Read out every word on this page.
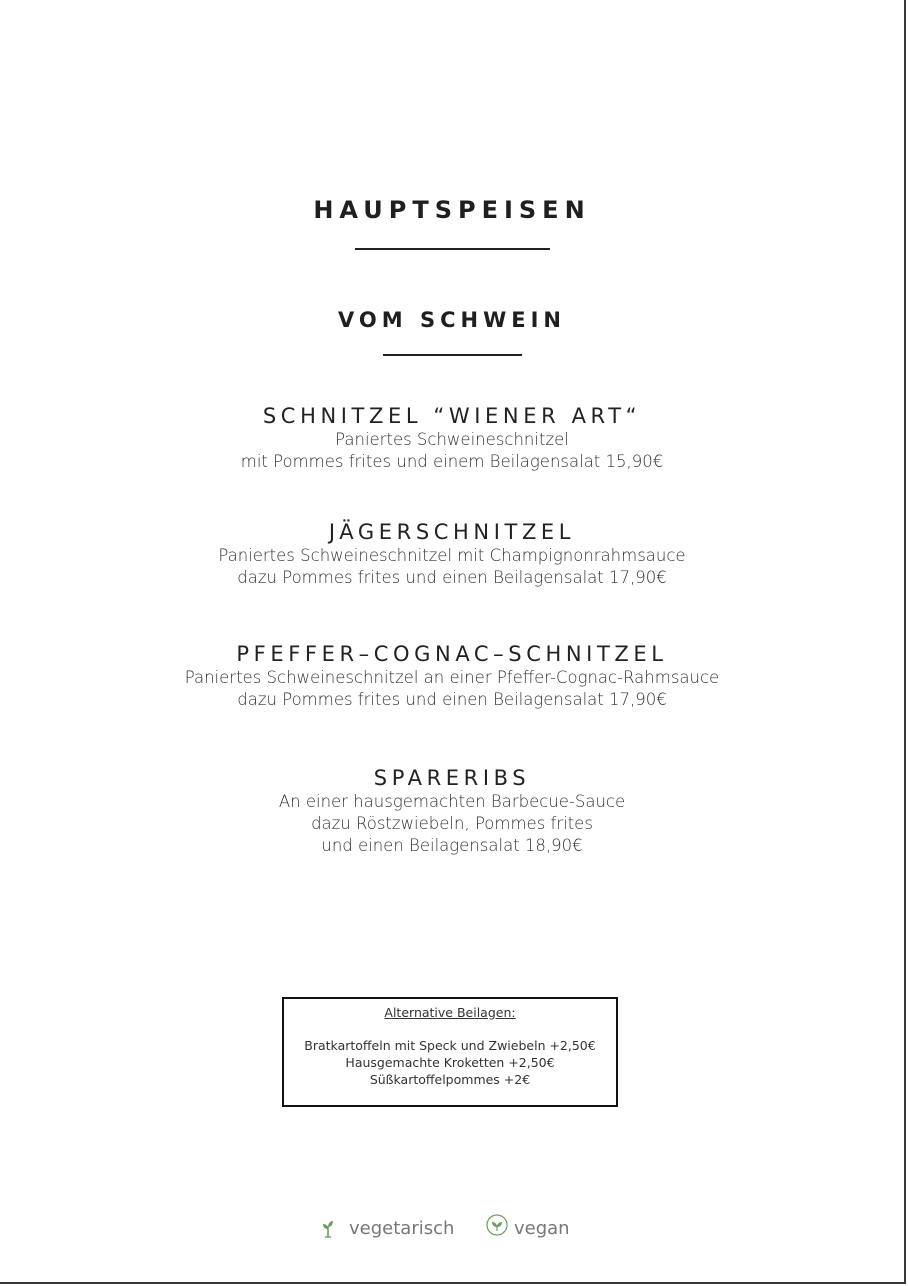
HAUPTSPEISEN
VOM SCHWEIN
SCHNITZEL “WIENER ART“
Paniertes Schweineschnitzel
mit Pommes frites und einem Beilagensalat 15,90€
JÄGERSCHNITZEL
Paniertes Schweineschnitzel mit Champignonrahmsauce
dazu Pommes frites und einen Beilagensalat 17,90€
PFEFFER–COGNAC–SCHNITZEL
Paniertes Schweineschnitzel an einer Pfeffer-Cognac-Rahmsauce
dazu Pommes frites und einen Beilagensalat 17,90€
SPARERIBS
An einer hausgemachten Barbecue-Sauce
dazu Röstzwiebeln, Pommes frites
und einen Beilagensalat 18,90€
Alternative Beilagen:
Bratkartoffeln mit Speck und Zwiebeln +2,50€
Hausgemachte Kroketten +2,50€
Süßkartoffelpommes +2€
vegetarisch	vegan
